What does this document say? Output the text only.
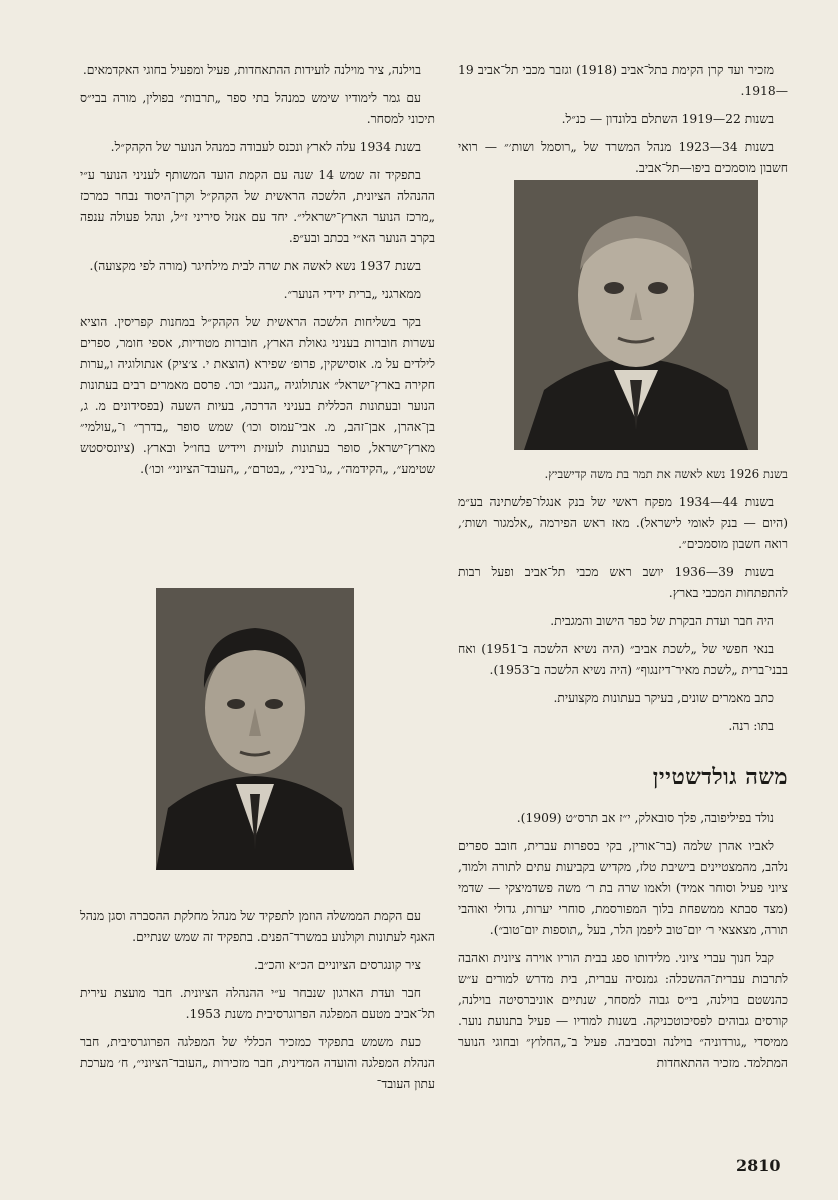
מזכיר ועד קרן הקימת בתל־אביב (1918) וגזבר מכבי תל־אביב 19—1918.

בשנות 22—1919 השתלם בלונדון — כנ״ל.

בשנות 34—1923 מנהל המשרד של „רוסמל ושות׳״ — רואי חשבון מוסמכים ביפו—תל־אביב.

בשנת 1926 נשא לאשה את תמר בת משה קדישביץ.

בשנות 44—1934 מפקח ראשי של בנק אנגלו־פלשתינה בע״מ (היום — בנק לאומי לישראל). מאז ראש הפירמה „אלמגור ושות׳, רואה חשבון מוסמכים״.

בשנות 39—1936 יושב ראש מכבי תל־אביב ופעל רבות להתפתחות המכבי בארץ.

היה חבר ועדת הבקרת של כפר הישוב והמגבית.

בנאי חפשי של „לשכת אביב״ (היה נשיא הלשכה ב־1951) ואח בבני־ברית „לשכת מאיר־דיזנגוף״ (היה נשיא הלשכה ב־1953).

כתב מאמרים שונים, בעיקר בעתונות מקצועית.

בתו: רנה.

משה גולדשטיין

נולד בפיליפובה, פלך סובאלק, י״ז אב תרס״ט (1909).

לאביו אהרן שלמה (בר־אורין, בקי בספרות עברית, חובב ספרים נלהב, מהמצטיינים בישיבת טלז, מקדיש בקביעות עתים לתורה ולמוד, ציוני פעיל וסוחר אמיד) ולאמו שרה בת ר׳ משה פשדמיצקי — שדמי (מצד סבתא ממשפחת בלוך המפורסמת, סוחרי יערות, גדולי ואוהבי תורה, מצאצאי ר׳ יום־טוב ליפמן הלר, בעל „תוספות יום־טוב״).

קבל חנוך עברי ציוני. מלידותו ספג בבית הוריו אוירה ציונית ואהבה לתרבות עברית־ההשכלה: גמנסיה עברית, בית מדרש למורים ע״ש כהנשטם בוילנה, בי״ס גבוה למסחר, שנתיים אוניברסיטה בוילנה, קורסים גבוהים לפסיכוטכניקה. בשנות למודיו — פעיל בתנועת נוער. ממיסדי „גורדוניה״ בוילנה ובסביבה. פעיל ב־„החלוץ״ ובחוגי הנוער המתלמד. מזכיר ההתאחדות

בוילנה, ציר מוילנה לועידות ההתאחדות, פעיל ומפעיל בחוגי האקדמאים.

עם גמר לימודיו שימש כמנהל בתי ספר „תרבות״ בפולין, מורה בבי״ס תיכוני למסחר.

בשנת 1934 עלה לארץ ונכנס לעבודה כמנהל הנוער של הקהק״ל.

בתפקיד זה שמש 14 שנה עם הקמת הועד המשותף לעניני הנוער ע״י ההנהלה הציונית, הלשכה הראשית של הקהק״ל וקרן־היסוד נבחר כמרכז „מרכז הנוער הארץ־ישראלי״. יחד עם אנזל סיריני ז״ל, ונהל פעולה ענפה בקרב הנוער הא״י בכתב ובע״פ.

בשנת 1937 נשא לאשה את שרה לבית מילחיגר (מורה לפי מקצועה).

ממארגני „ברית ידידי הנוער״.

בקר בשליחות הלשכה הראשית של הקהק״ל במחנות קפריסין. הוציא עשרות חוברות בעניני גאולת הארץ, חוברות מטודיות, אספי חומר, ספרים לילדים על מ. אוסישקין, פרופ׳ שפירא (הוצאת י. צ׳ציק) אנתולוגיה ו„ערות חקירה בארץ־ישראל״ אנתולוגיה „הנגב״ וכו׳. פרסם מאמרים רבים בעתונות הנוער ובעתונות הכללית בעניני הדרכה, בעיות השעה (בפסידונים מ. ג, בן־אהרן, אבן־זהב, מ. אבי־עמוס וכו׳) שמש סופר „בדרך״ ו־„עולמי״ מארץ־ישראל, סופר בעתונות לועזית ויידיש בחו״ל ובארץ. (ציונסיסטש שטימע״, „הקידמה״, „גו־ביני״, „בטרם״, „העובד־הציוני״ וכו׳).

עם הקמת הממשלה הוזמן לתפקיד של מנהל מחלקת ההסברה וסגן מנהל האגף לעתונות וקולנוע במשרד־הפנים. בתפקיד זה שמש שנתיים.

ציר קונגרסים הציוניים הכ״א והכ״ב.

חבר ועדת הארגון שנבחר ע״י ההנהלה הציונית. חבר מועצת עירית תל־אביב מטעם המפלגה הפרוגרסיבית משנת 1953.

כעת משמש בתפקיד כמזכיר הכללי של המפלגה הפרוגרסיבית, חבר הנהלת המפלגה והועדה המדינית, חבר מזכירות „העובד־הציוני״, ח׳ מערכת עתון העובד־

2810
